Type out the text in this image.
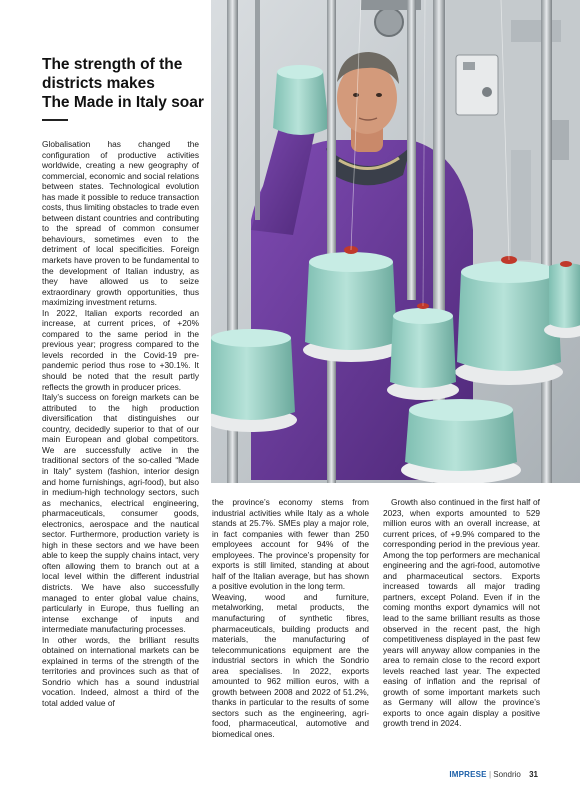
The strength of the
districts makes
The Made in Italy soar

Globalisation has changed the configuration of productive activities worldwide, creating a new geography of commercial, economic and social relations between states. Technological evolution has made it possible to reduce transaction costs, thus limiting obstacles to trade even between distant countries and contributing to the spread of common consumer behaviours, sometimes even to the detriment of local specificities. Foreign markets have proven to be fundamental to the development of Italian industry, as they have allowed us to seize extraordinary growth opportunities, thus maximizing investment returns.

In 2022, Italian exports recorded an increase, at current prices, of +20% compared to the same period in the previous year; progress compared to the levels recorded in the Covid-19 pre-pandemic period thus rose to +30.1%. It should be noted that the result partly reflects the growth in producer prices.

Italy’s success on foreign markets can be attributed to the high production diversification that distinguishes our country, decidedly superior to that of our main European and global competitors. We are successfully active in the traditional sectors of the so-called “Made in Italy” system (fashion, interior design and home furnishings, agri-food), but also in medium-high technology sectors, such as mechanics, electrical engineering, pharmaceuticals, consumer goods, electronics, aerospace and the nautical sector. Furthermore, production variety is high in these sectors and we have been able to keep the supply chains intact, very often allowing them to branch out at a local level within the different industrial districts. We have also successfully managed to enter global value chains, particularly in Europe, thus fuelling an intense exchange of inputs and intermediate manufacturing processes.

In other words, the brilliant results obtained on international markets can be explained in terms of the strength of the territories and provinces such as that of Sondrio which has a sound industrial vocation. Indeed, almost a third of the total added value of

the province’s economy stems from industrial activities while Italy as a whole stands at 25.7%. SMEs play a major role, in fact companies with fewer than 250 employees account for 94% of the employees. The province’s propensity for exports is still limited, standing at about half of the Italian average, but has shown a positive evolution in the long term.

Weaving, wood and furniture, metalworking, metal products, the manufacturing of synthetic fibres, pharmaceuticals, building products and materials, the manufacturing of telecommunications equipment are the industrial sectors in which the Sondrio area specialises. In 2022, exports amounted to 962 million euros, with a growth between 2008 and 2022 of 51.2%, thanks in particular to the results of some sectors such as the engineering, agri-food, pharmaceutical, automotive and biomedical ones.

Growth also continued in the first half of 2023, when exports amounted to 529 million euros with an overall increase, at current prices, of +9.9% compared to the corresponding period in the previous year. Among the top performers are mechanical engineering and the agri-food, automotive and pharmaceutical sectors. Exports increased towards all major trading partners, except Poland. Even if in the coming months export dynamics will not lead to the same brilliant results as those observed in the recent past, the high competitiveness displayed in the past few years will anyway allow companies in the area to remain close to the record export levels reached last year. The expected easing of inflation and the reprisal of growth of some important markets such as Germany will allow the province’s exports to once again display a positive growth trend in 2024.

IMPRESE | Sondrio 31
